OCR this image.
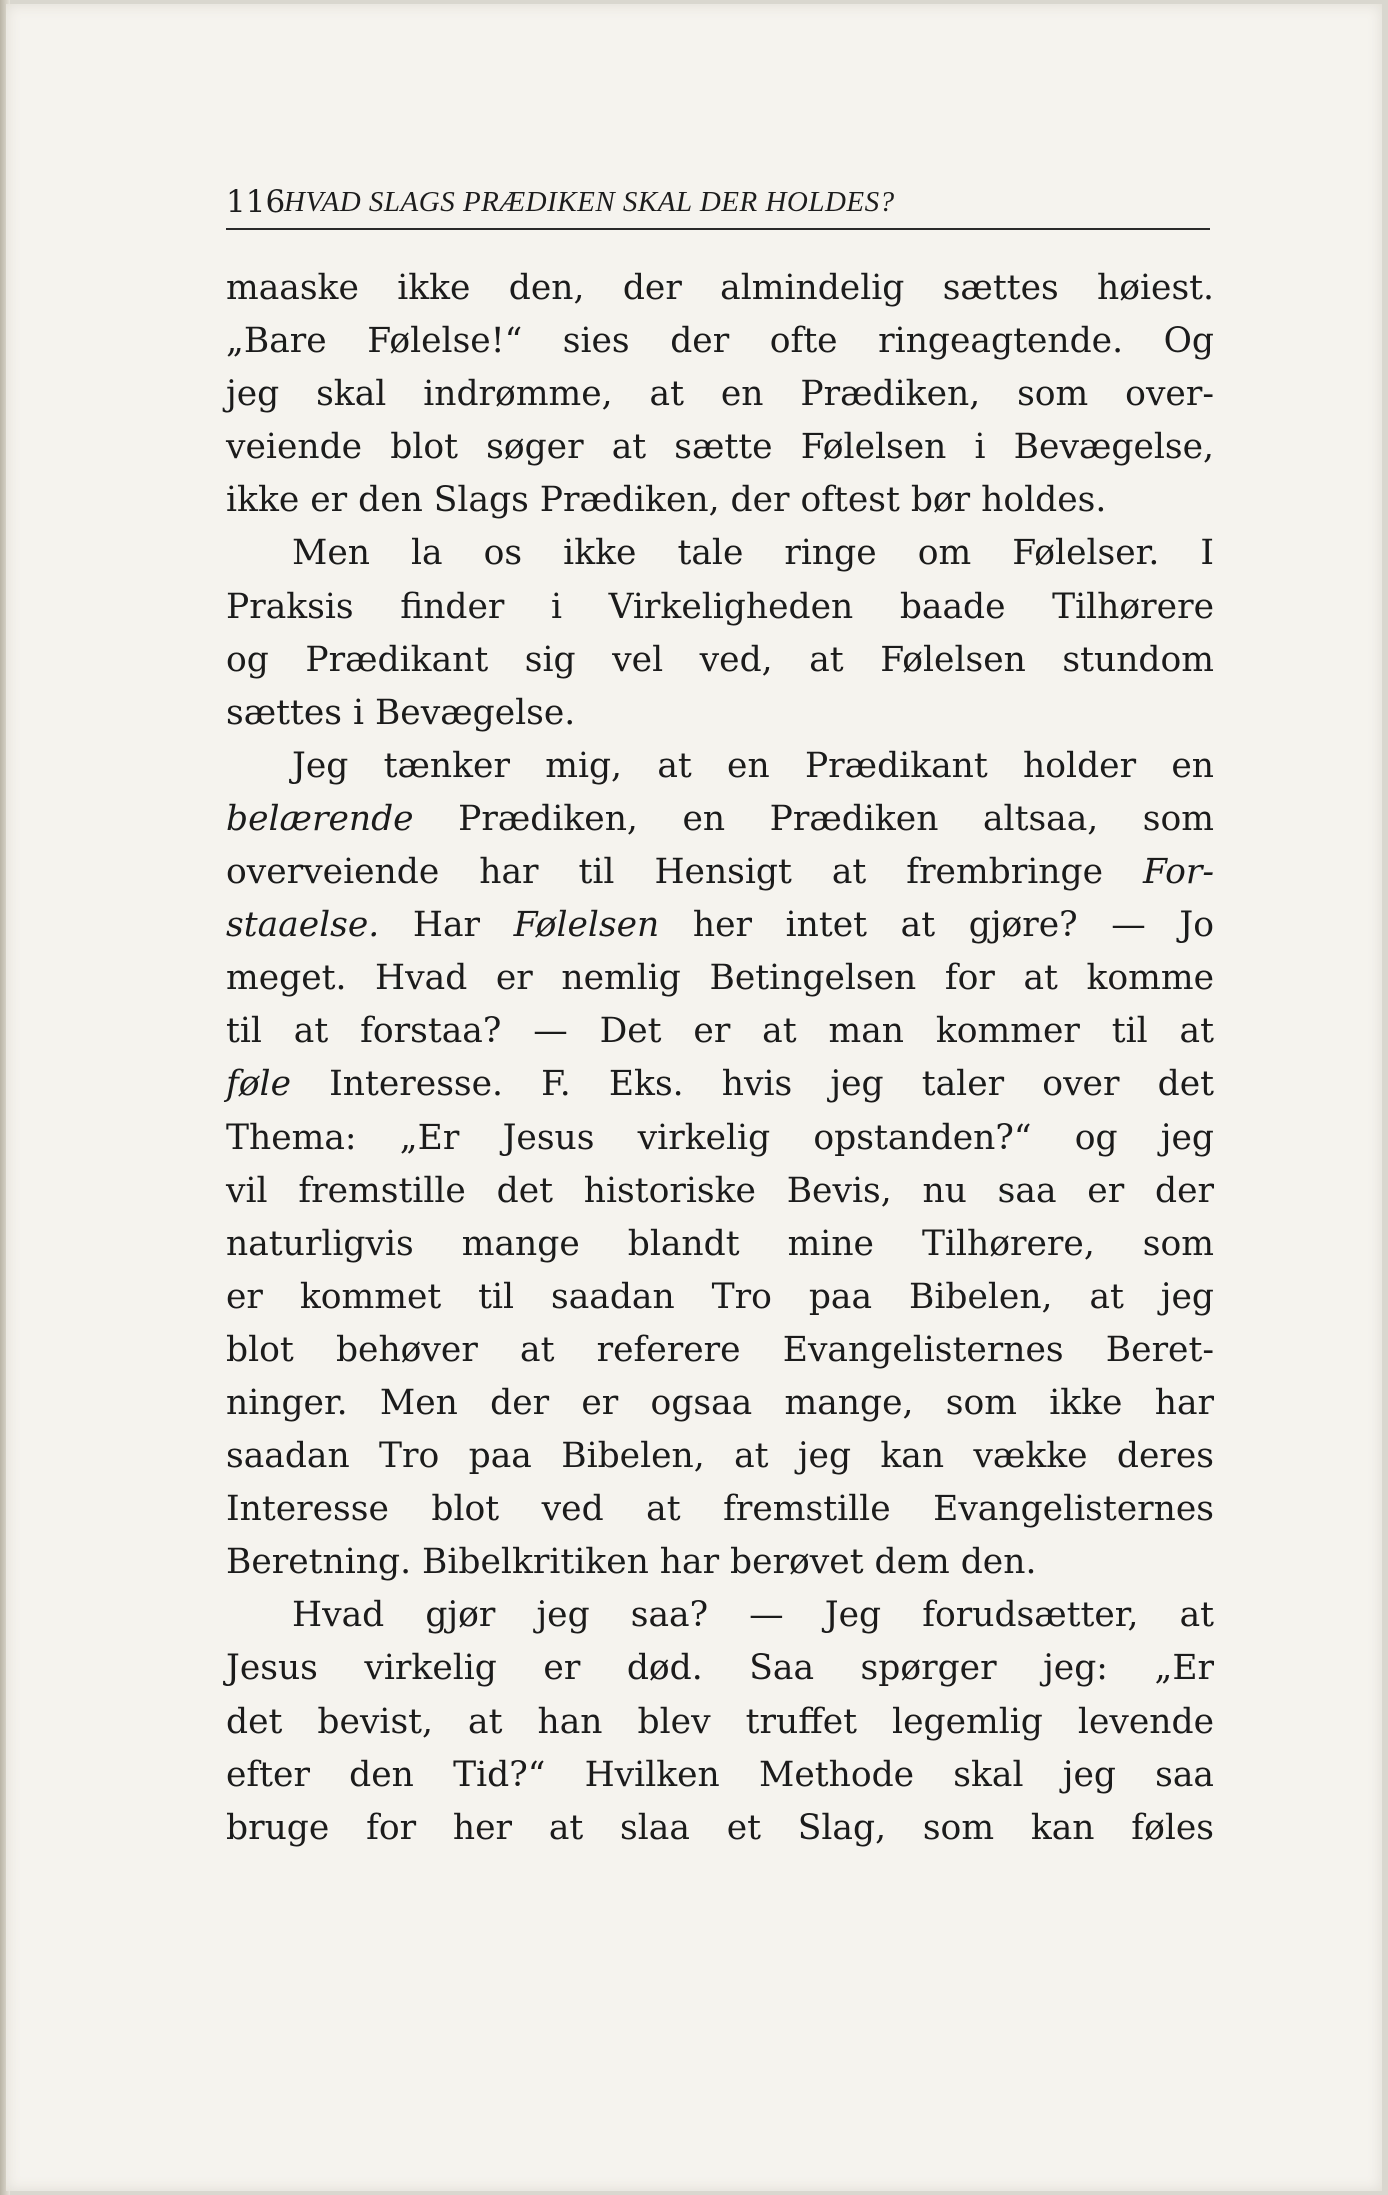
116
HVAD SLAGS PRÆDIKEN SKAL DER HOLDES?
maaske ikke den, der almindelig sættes høiest.
„Bare Følelse!“ sies der ofte ringeagtende. Og
jeg skal indrømme, at en Prædiken, som over-
veiende blot søger at sætte Følelsen i Bevægelse,
ikke er den Slags Prædiken, der oftest bør holdes.
Men la os ikke tale ringe om Følelser. I
Praksis finder i Virkeligheden baade Tilhørere
og Prædikant sig vel ved, at Følelsen stundom
sættes i Bevægelse.
Jeg tænker mig, at en Prædikant holder en
belærende Prædiken, en Prædiken altsaa, som
overveiende har til Hensigt at frembringe For-
staaelse. Har Følelsen her intet at gjøre? — Jo
meget. Hvad er nemlig Betingelsen for at komme
til at forstaa? — Det er at man kommer til at
føle Interesse. F. Eks. hvis jeg taler over det
Thema: „Er Jesus virkelig opstanden?“ og jeg
vil fremstille det historiske Bevis, nu saa er der
naturligvis mange blandt mine Tilhørere, som
er kommet til saadan Tro paa Bibelen, at jeg
blot behøver at referere Evangelisternes Beret-
ninger. Men der er ogsaa mange, som ikke har
saadan Tro paa Bibelen, at jeg kan vække deres
Interesse blot ved at fremstille Evangelisternes
Beretning. Bibelkritiken har berøvet dem den.
Hvad gjør jeg saa? — Jeg forudsætter, at
Jesus virkelig er død. Saa spørger jeg: „Er
det bevist, at han blev truffet legemlig levende
efter den Tid?“ Hvilken Methode skal jeg saa
bruge for her at slaa et Slag, som kan føles
